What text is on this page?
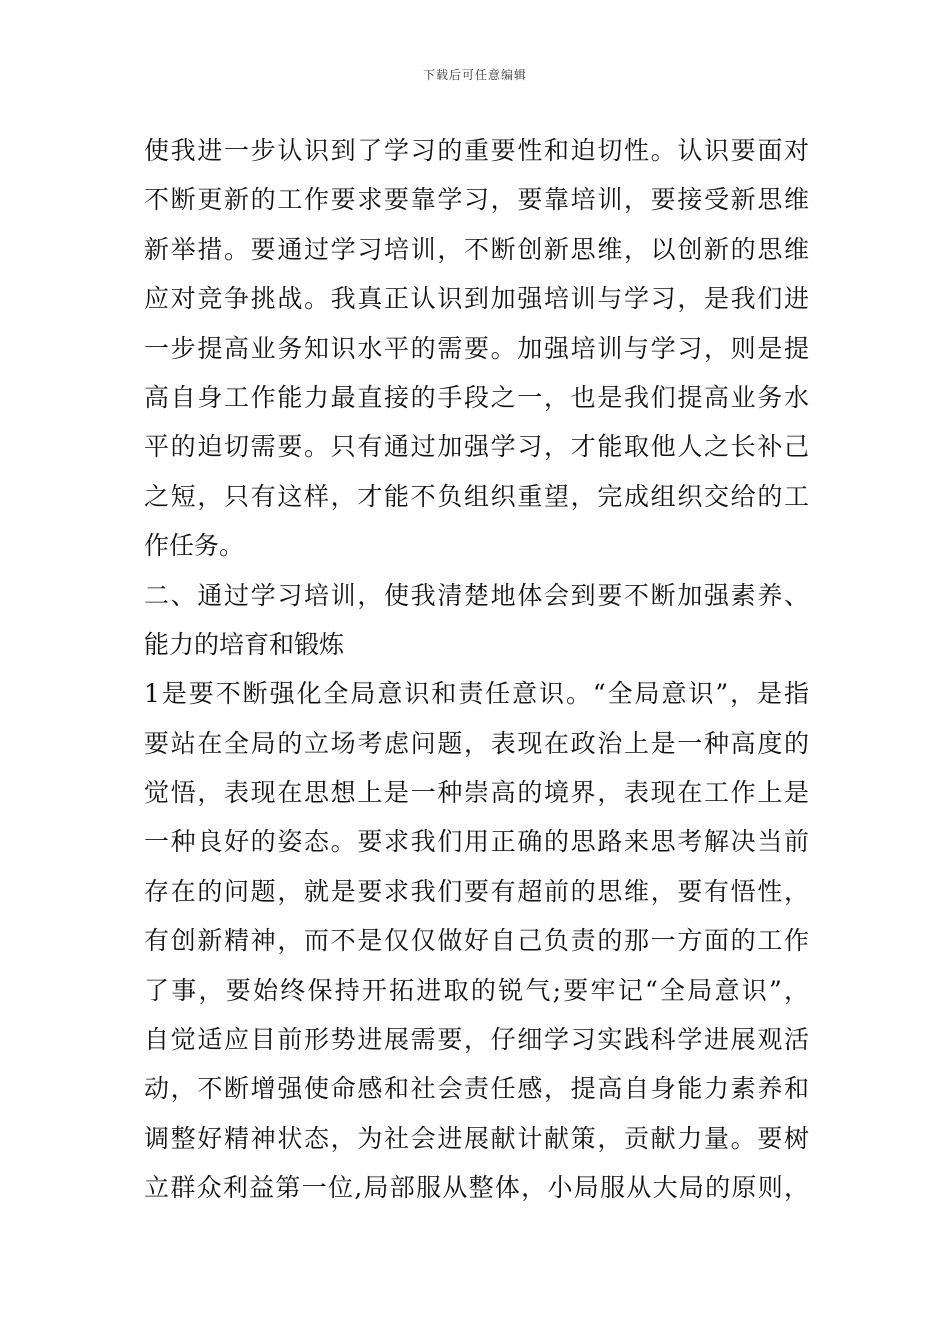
下载后可任意编辑
使我进一步认识到了学习的重要性和迫切性。认识要面对
不断更新的工作要求要靠学习，要靠培训，要接受新思维
新举措。要通过学习培训，不断创新思维，以创新的思维
应对竞争挑战。我真正认识到加强培训与学习，是我们进
一步提高业务知识水平的需要。加强培训与学习，则是提
高自身工作能力最直接的手段之一，也是我们提高业务水
平的迫切需要。只有通过加强学习，才能取他人之长补己
之短，只有这样，才能不负组织重望，完成组织交给的工
作任务。
二、通过学习培训，使我清楚地体会到要不断加强素养、
能力的培育和锻炼
1是要不断强化全局意识和责任意识。“全局意识”，是指
要站在全局的立场考虑问题，表现在政治上是一种高度的
觉悟，表现在思想上是一种崇高的境界，表现在工作上是
一种良好的姿态。要求我们用正确的思路来思考解决当前
存在的问题，就是要求我们要有超前的思维，要有悟性，
有创新精神，而不是仅仅做好自己负责的那一方面的工作
了事，要始终保持开拓进取的锐气;要牢记“全局意识”，
自觉适应目前形势进展需要，仔细学习实践科学进展观活
动，不断增强使命感和社会责任感，提高自身能力素养和
调整好精神状态，为社会进展献计献策，贡献力量。要树
立群众利益第一位,局部服从整体，小局服从大局的原则，
